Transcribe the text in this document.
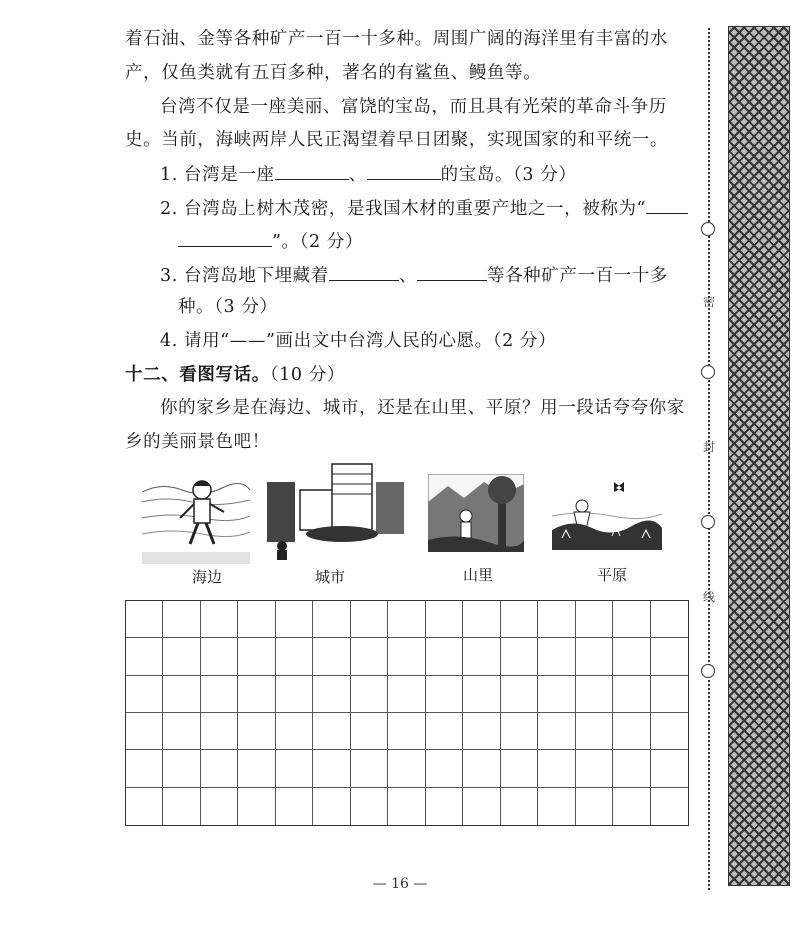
着石油、金等各种矿产一百一十多种。周围广阔的海洋里有丰富的水
产，仅鱼类就有五百多种，著名的有鲨鱼、鳗鱼等。
台湾不仅是一座美丽、富饶的宝岛，而且具有光荣的革命斗争历
史。当前，海峡两岸人民正渴望着早日团聚，实现国家的和平统一。
1. 台湾是一座	、	的宝岛。（3 分）
2. 台湾岛上树木茂密，是我国木材的重要产地之一，被称为“
”。（2 分）
3. 台湾岛地下埋藏着	、	等各种矿产一百一十多
种。（3 分）
4. 请用“——”画出文中台湾人民的心愿。（2 分）
十二、看图写话。（10 分）
你的家乡是在海边、城市，还是在山里、平原？用一段话夸夸你家
乡的美丽景色吧！
海边	城市	山里	平原
— 16 —
密
封
线
